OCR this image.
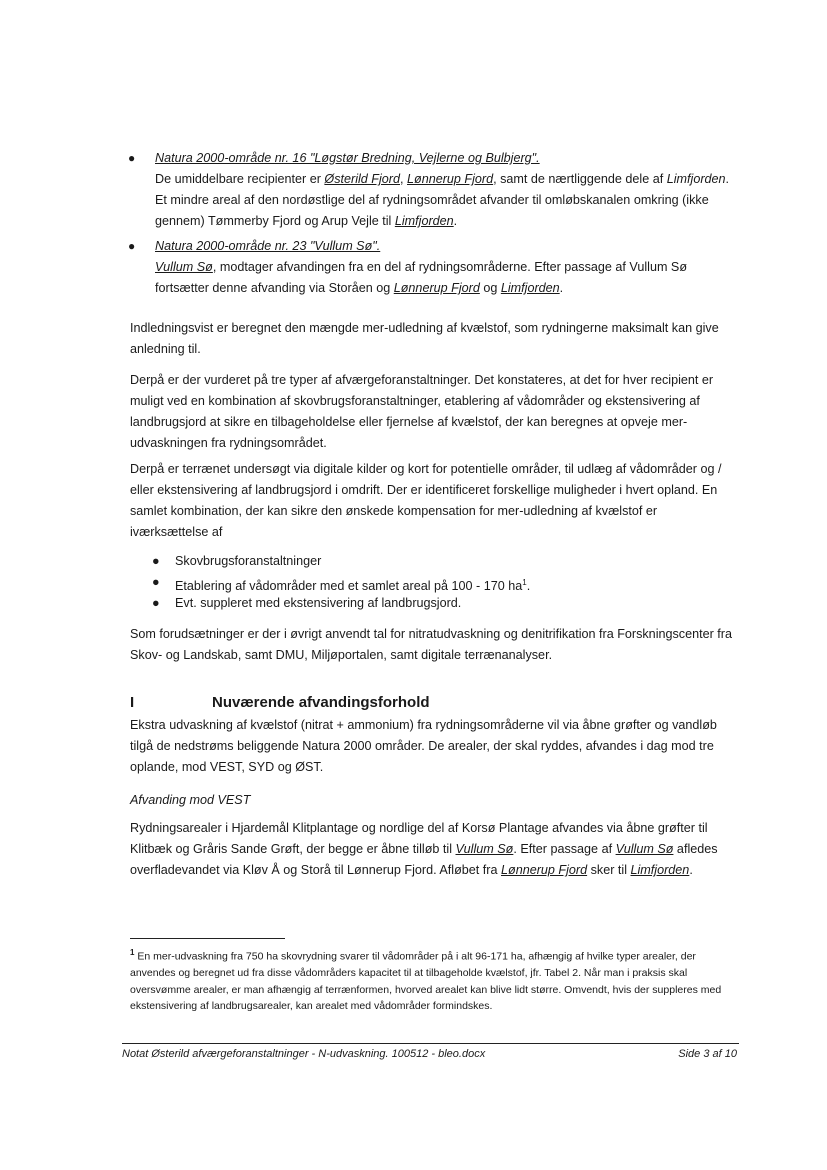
● Natura 2000-område nr. 16 "Løgstør Bredning, Vejlerne og Bulbjerg".
De umiddelbare recipienter er Østerild Fjord, Lønnerup Fjord, samt de nærtliggende dele af Limfjorden. Et mindre areal af den nordøstlige del af rydningsområdet afvander til omløbskanalen omkring (ikke gennem) Tømmerby Fjord og Arup Vejle til Limfjorden.
● Natura 2000-område nr. 23 "Vullum Sø".
Vullum Sø, modtager afvandingen fra en del af rydningsområderne. Efter passage af Vullum Sø fortsætter denne afvanding via Storåen og Lønnerup Fjord og Limfjorden.
Indledningsvist er beregnet den mængde mer-udledning af kvælstof, som rydningerne maksimalt kan give anledning til.
Derpå er der vurderet på tre typer af afværgeforanstaltninger. Det konstateres, at det for hver recipient er muligt ved en kombination af skovbrugsforanstaltninger, etablering af vådområder og ekstensivering af landbrugsjord at sikre en tilbageholdelse eller fjernelse af kvælstof, der kan beregnes at opveje mer-udvaskningen fra rydningsområdet.
Derpå er terrænet undersøgt via digitale kilder og kort for potentielle områder, til udlæg af vådområder og / eller ekstensivering af landbrugsjord i omdrift. Der er identificeret forskellige muligheder i hvert opland. En samlet kombination, der kan sikre den ønskede kompensation for mer-udledning af kvælstof er iværksættelse af
● Skovbrugsforanstaltninger
● Etablering af vådområder med et samlet areal på 100 - 170 $ha^1$.
● Evt. suppleret med ekstensivering af landbrugsjord.
Som forudsætninger er der i øvrigt anvendt tal for nitratudvaskning og denitrifikation fra Forskningscenter fra Skov- og Landskab, samt DMU, Miljøportalen, samt digitale terrænanalyser.
I	Nuværende afvandingsforhold
Ekstra udvaskning af kvælstof (nitrat + ammonium) fra rydningsområderne vil via åbne grøfter og vandløb tilgå de nedstrøms beliggende Natura 2000 områder. De arealer, der skal ryddes, afvandes i dag mod tre oplande, mod VEST, SYD og ØST.
Afvanding mod VEST
Rydningsarealer i Hjardemål Klitplantage og nordlige del af Korsø Plantage afvandes via åbne grøfter til Klitbæk og Gråris Sande Grøft, der begge er åbne tilløb til Vullum Sø. Efter passage af Vullum Sø afledes overfladevandet via Kløv Å og Storå til Lønnerup Fjord. Afløbet fra Lønnerup Fjord sker til Limfjorden.
$^1$ En mer-udvaskning fra 750 ha skovrydning svarer til vådområder på i alt 96-171 ha, afhængig af hvilke typer arealer, der anvendes og beregnet ud fra disse vådområders kapacitet til at tilbageholde kvælstof, jfr. Tabel 2. Når man i praksis skal oversvømme arealer, er man afhængig af terrænformen, hvorved arealet kan blive lidt større. Omvendt, hvis der suppleres med ekstensivering af landbrugsarealer, kan arealet med vådområder formindskes.
Notat Østerild afværgeforanstaltninger - N-udvaskning. 100512 - bleo.docx	Side 3 af 10
